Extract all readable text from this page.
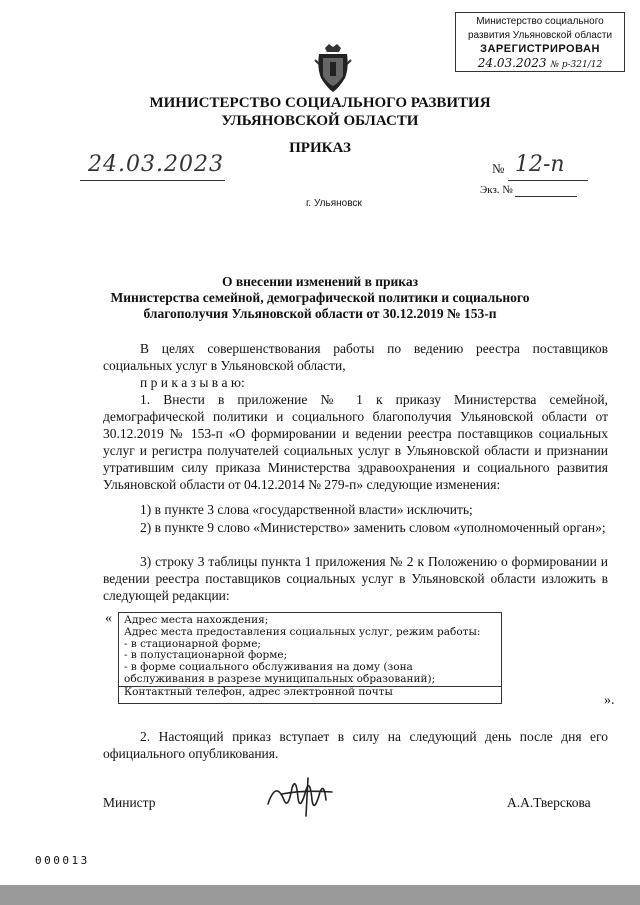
Министерство социального
развития Ульяновской области
ЗАРЕГИСТРИРОВАН
24.03.2023 № р-321/12
МИНИСТЕРСТВО СОЦИАЛЬНОГО РАЗВИТИЯ
УЛЬЯНОВСКОЙ ОБЛАСТИ
ПРИКАЗ
24.03.2023	№ 12-п
Экз. №
г. Ульяновск
О внесении изменений в приказ
Министерства семейной, демографической политики и социального
благополучия Ульяновской области от 30.12.2019 № 153-п
В целях совершенствования работы по ведению реестра поставщиков социальных услуг в Ульяновской области,
п р и к а з ы в а ю:
1. Внести в приложение № 1 к приказу Министерства семейной, демографической политики и социального благополучия Ульяновской области от 30.12.2019 № 153-п «О формировании и ведении реестра поставщиков социальных услуг и регистра получателей социальных услуг в Ульяновской области и признании утратившим силу приказа Министерства здравоохранения и социального развития Ульяновской области от 04.12.2014 № 279-п» следующие изменения:
1) в пункте 3 слова «государственной власти» исключить;
2) в пункте 9 слово «Министерство» заменить словом «уполномоченный орган»;
3) строку 3 таблицы пункта 1 приложения № 2 к Положению о формировании и ведении реестра поставщиков социальных услуг в Ульяновской области изложить в следующей редакции:
« Адрес места нахождения;
Адрес места предоставления социальных услуг, режим работы:
- в стационарной форме;
- в полустационарной форме;
- в форме социального обслуживания на дому (зона обслуживания в разрезе муниципальных образований);
Контактный телефон, адрес электронной почты
».
2. Настоящий приказ вступает в силу на следующий день после дня его официального опубликования.
Министр	А.А.Тверскова
000013
